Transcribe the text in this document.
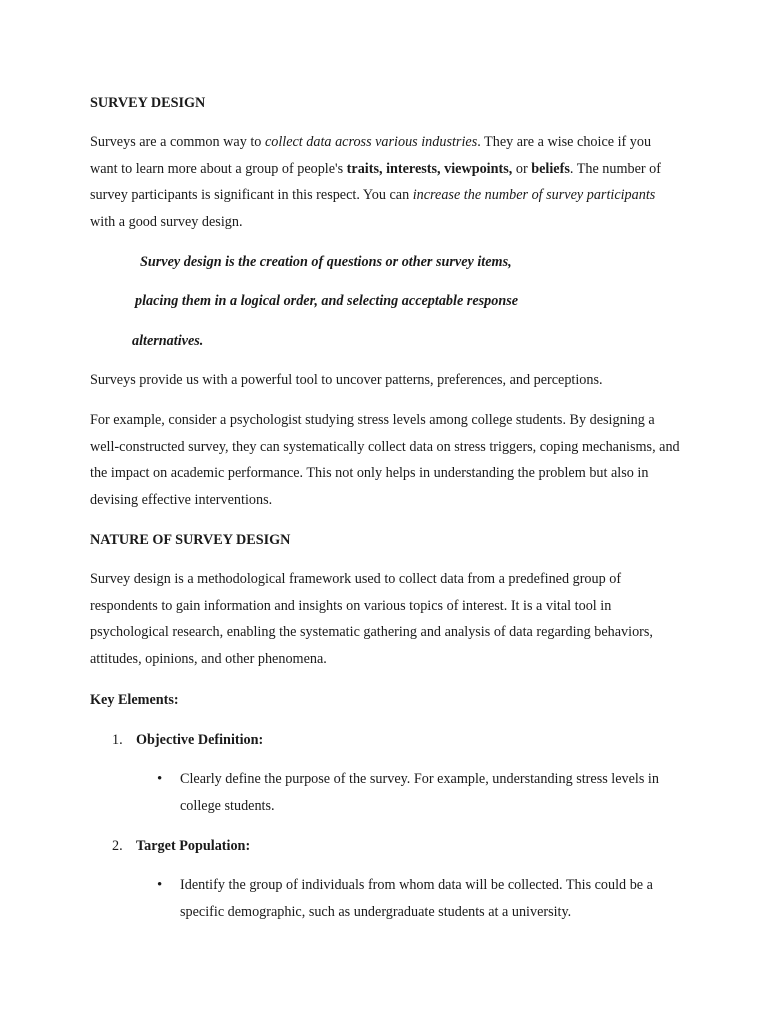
SURVEY DESIGN

Surveys are a common way to collect data across various industries. They are a wise choice if you want to learn more about a group of people's traits, interests, viewpoints, or beliefs. The number of survey participants is significant in this respect. You can increase the number of survey participants with a good survey design.

Survey design is the creation of questions or other survey items,
placing them in a logical order, and selecting acceptable response
alternatives.

Surveys provide us with a powerful tool to uncover patterns, preferences, and perceptions.

For example, consider a psychologist studying stress levels among college students. By designing a well-constructed survey, they can systematically collect data on stress triggers, coping mechanisms, and the impact on academic performance. This not only helps in understanding the problem but also in devising effective interventions.

NATURE OF SURVEY DESIGN

Survey design is a methodological framework used to collect data from a predefined group of respondents to gain information and insights on various topics of interest. It is a vital tool in psychological research, enabling the systematic gathering and analysis of data regarding behaviors, attitudes, opinions, and other phenomena.

Key Elements:
1. Objective Definition:
• Clearly define the purpose of the survey. For example, understanding stress levels in college students.
2. Target Population:
• Identify the group of individuals from whom data will be collected. This could be a specific demographic, such as undergraduate students at a university.
